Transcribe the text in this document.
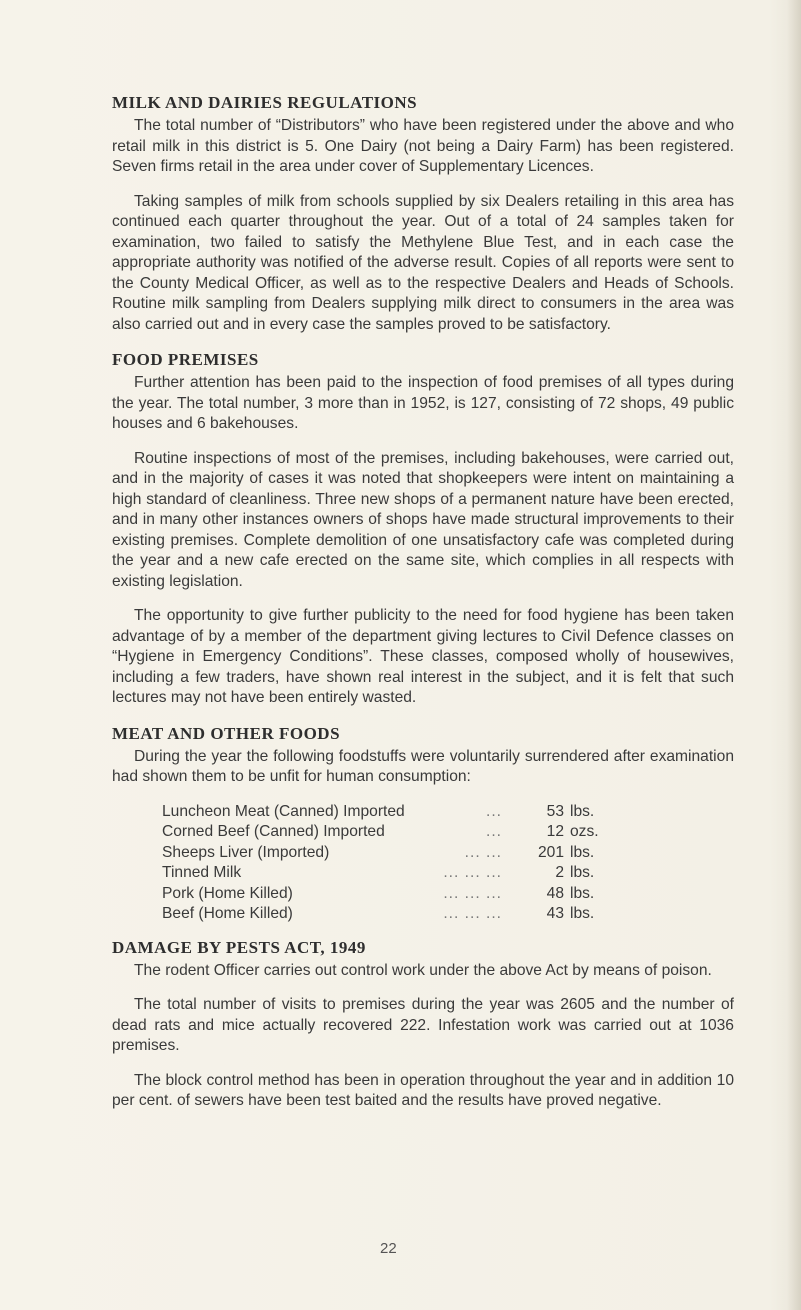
MILK AND DAIRIES REGULATIONS

The total number of “Distributors” who have been registered under the above and who retail milk in this district is 5. One Dairy (not being a Dairy Farm) has been registered. Seven firms retail in the area under cover of Supplementary Licences.

Taking samples of milk from schools supplied by six Dealers retailing in this area has continued each quarter throughout the year. Out of a total of 24 samples taken for examination, two failed to satisfy the Methylene Blue Test, and in each case the appropriate authority was notified of the adverse result. Copies of all reports were sent to the County Medical Officer, as well as to the respective Dealers and Heads of Schools. Routine milk sampling from Dealers supplying milk direct to consumers in the area was also carried out and in every case the samples proved to be satisfactory.

FOOD PREMISES

Further attention has been paid to the inspection of food premises of all types during the year. The total number, 3 more than in 1952, is 127, consisting of 72 shops, 49 public houses and 6 bakehouses.

Routine inspections of most of the premises, including bakehouses, were carried out, and in the majority of cases it was noted that shopkeepers were intent on maintaining a high standard of cleanliness. Three new shops of a permanent nature have been erected, and in many other instances owners of shops have made structural improvements to their existing premises. Complete demolition of one unsatisfactory cafe was completed during the year and a new cafe erected on the same site, which complies in all respects with existing legislation.

The opportunity to give further publicity to the need for food hygiene has been taken advantage of by a member of the department giving lectures to Civil Defence classes on “Hygiene in Emergency Conditions”. These classes, composed wholly of housewives, including a few traders, have shown real interest in the subject, and it is felt that such lectures may not have been entirely wasted.

MEAT AND OTHER FOODS

During the year the following foodstuffs were voluntarily surrendered after examination had shown them to be unfit for human consumption:

Luncheon Meat (Canned) Imported	...	53	lbs.
Corned Beef (Canned) Imported	...	12	ozs.
Sheeps Liver (Imported)	... ...	201	lbs.
Tinned Milk	... ... ...	2	lbs.
Pork (Home Killed)	... ... ...	48	lbs.
Beef (Home Killed)	... ... ...	43	lbs.
DAMAGE BY PESTS ACT, 1949

The rodent Officer carries out control work under the above Act by means of poison.

The total number of visits to premises during the year was 2605 and the number of dead rats and mice actually recovered 222. Infestation work was carried out at 1036 premises.

The block control method has been in operation throughout the year and in addition 10 per cent. of sewers have been test baited and the results have proved negative.

22
